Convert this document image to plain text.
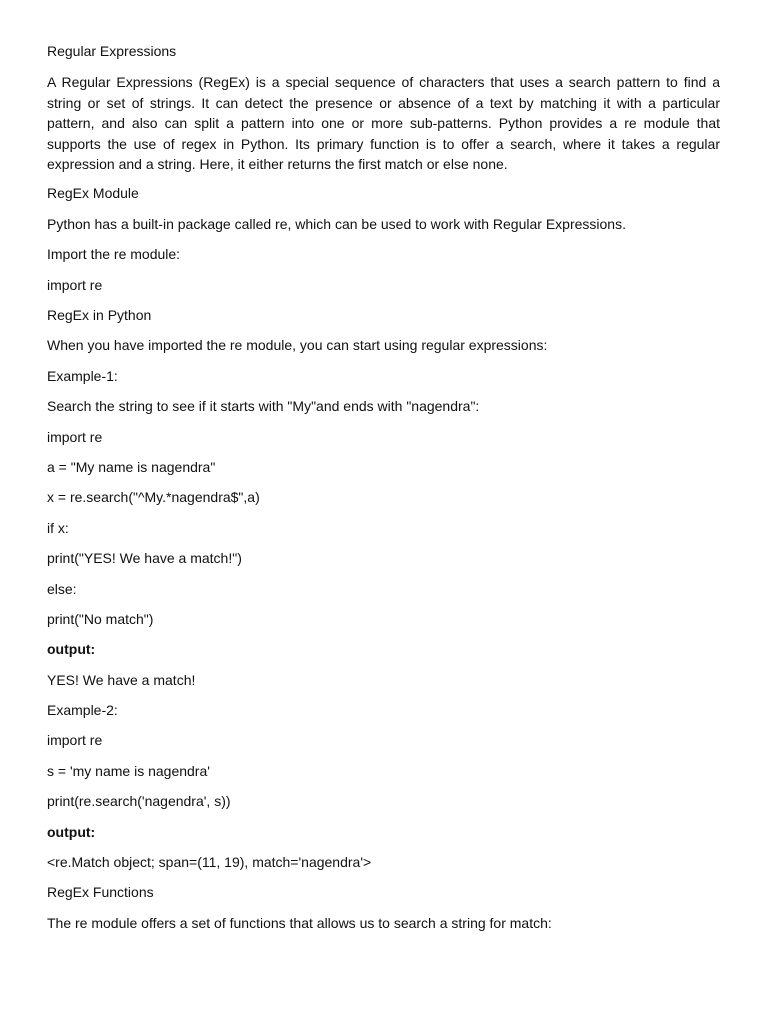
Regular Expressions
A Regular Expressions (RegEx) is a special sequence of characters that uses a search pattern to find a string or set of strings. It can detect the presence or absence of a text by matching it with a particular pattern, and also can split a pattern into one or more sub-patterns. Python provides a re module that supports the use of regex in Python. Its primary function is to offer a search, where it takes a regular expression and a string. Here, it either returns the first match or else none.
RegEx Module
Python has a built-in package called re, which can be used to work with Regular Expressions.
Import the re module:
import re
RegEx in Python
When you have imported the re module, you can start using regular expressions:
Example-1:
Search the string to see if it starts with "My"and ends with "nagendra":
import re
a = "My name is nagendra"
x = re.search("^My.*nagendra$",a)
if x:
print("YES! We have a match!")
else:
print("No match")
output:
YES! We have a match!
Example-2:
import re
s = 'my name is nagendra'
print(re.search('nagendra', s))
output:
<re.Match object; span=(11, 19), match='nagendra'>
RegEx Functions
The re module offers a set of functions that allows us to search a string for match:
